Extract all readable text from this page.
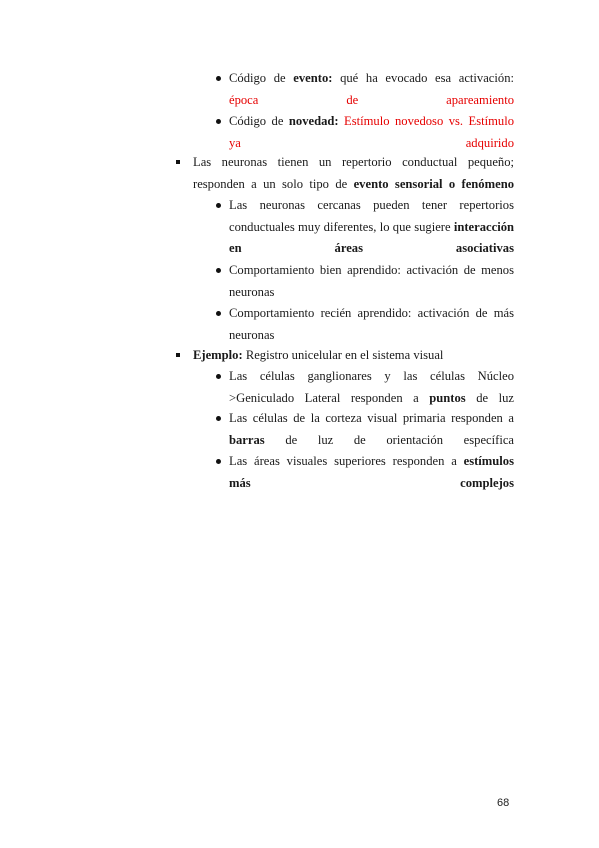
Código de evento: qué ha evocado esa activación: época de apareamiento
Código de novedad: Estímulo novedoso vs. Estímulo ya adquirido
Las neuronas tienen un repertorio conductual pequeño; responden a un solo tipo de evento sensorial o fenómeno
Las neuronas cercanas pueden tener repertorios conductuales muy diferentes, lo que sugiere interacción en áreas asociativas
Comportamiento bien aprendido: activación de menos neuronas
Comportamiento recién aprendido: activación de más neuronas
Ejemplo: Registro unicelular en el sistema visual
Las células ganglionares y las células Núcleo >Geniculado Lateral responden a puntos de luz
Las células de la corteza visual primaria responden a barras de luz de orientación específica
Las áreas visuales superiores responden a estímulos más complejos
68
